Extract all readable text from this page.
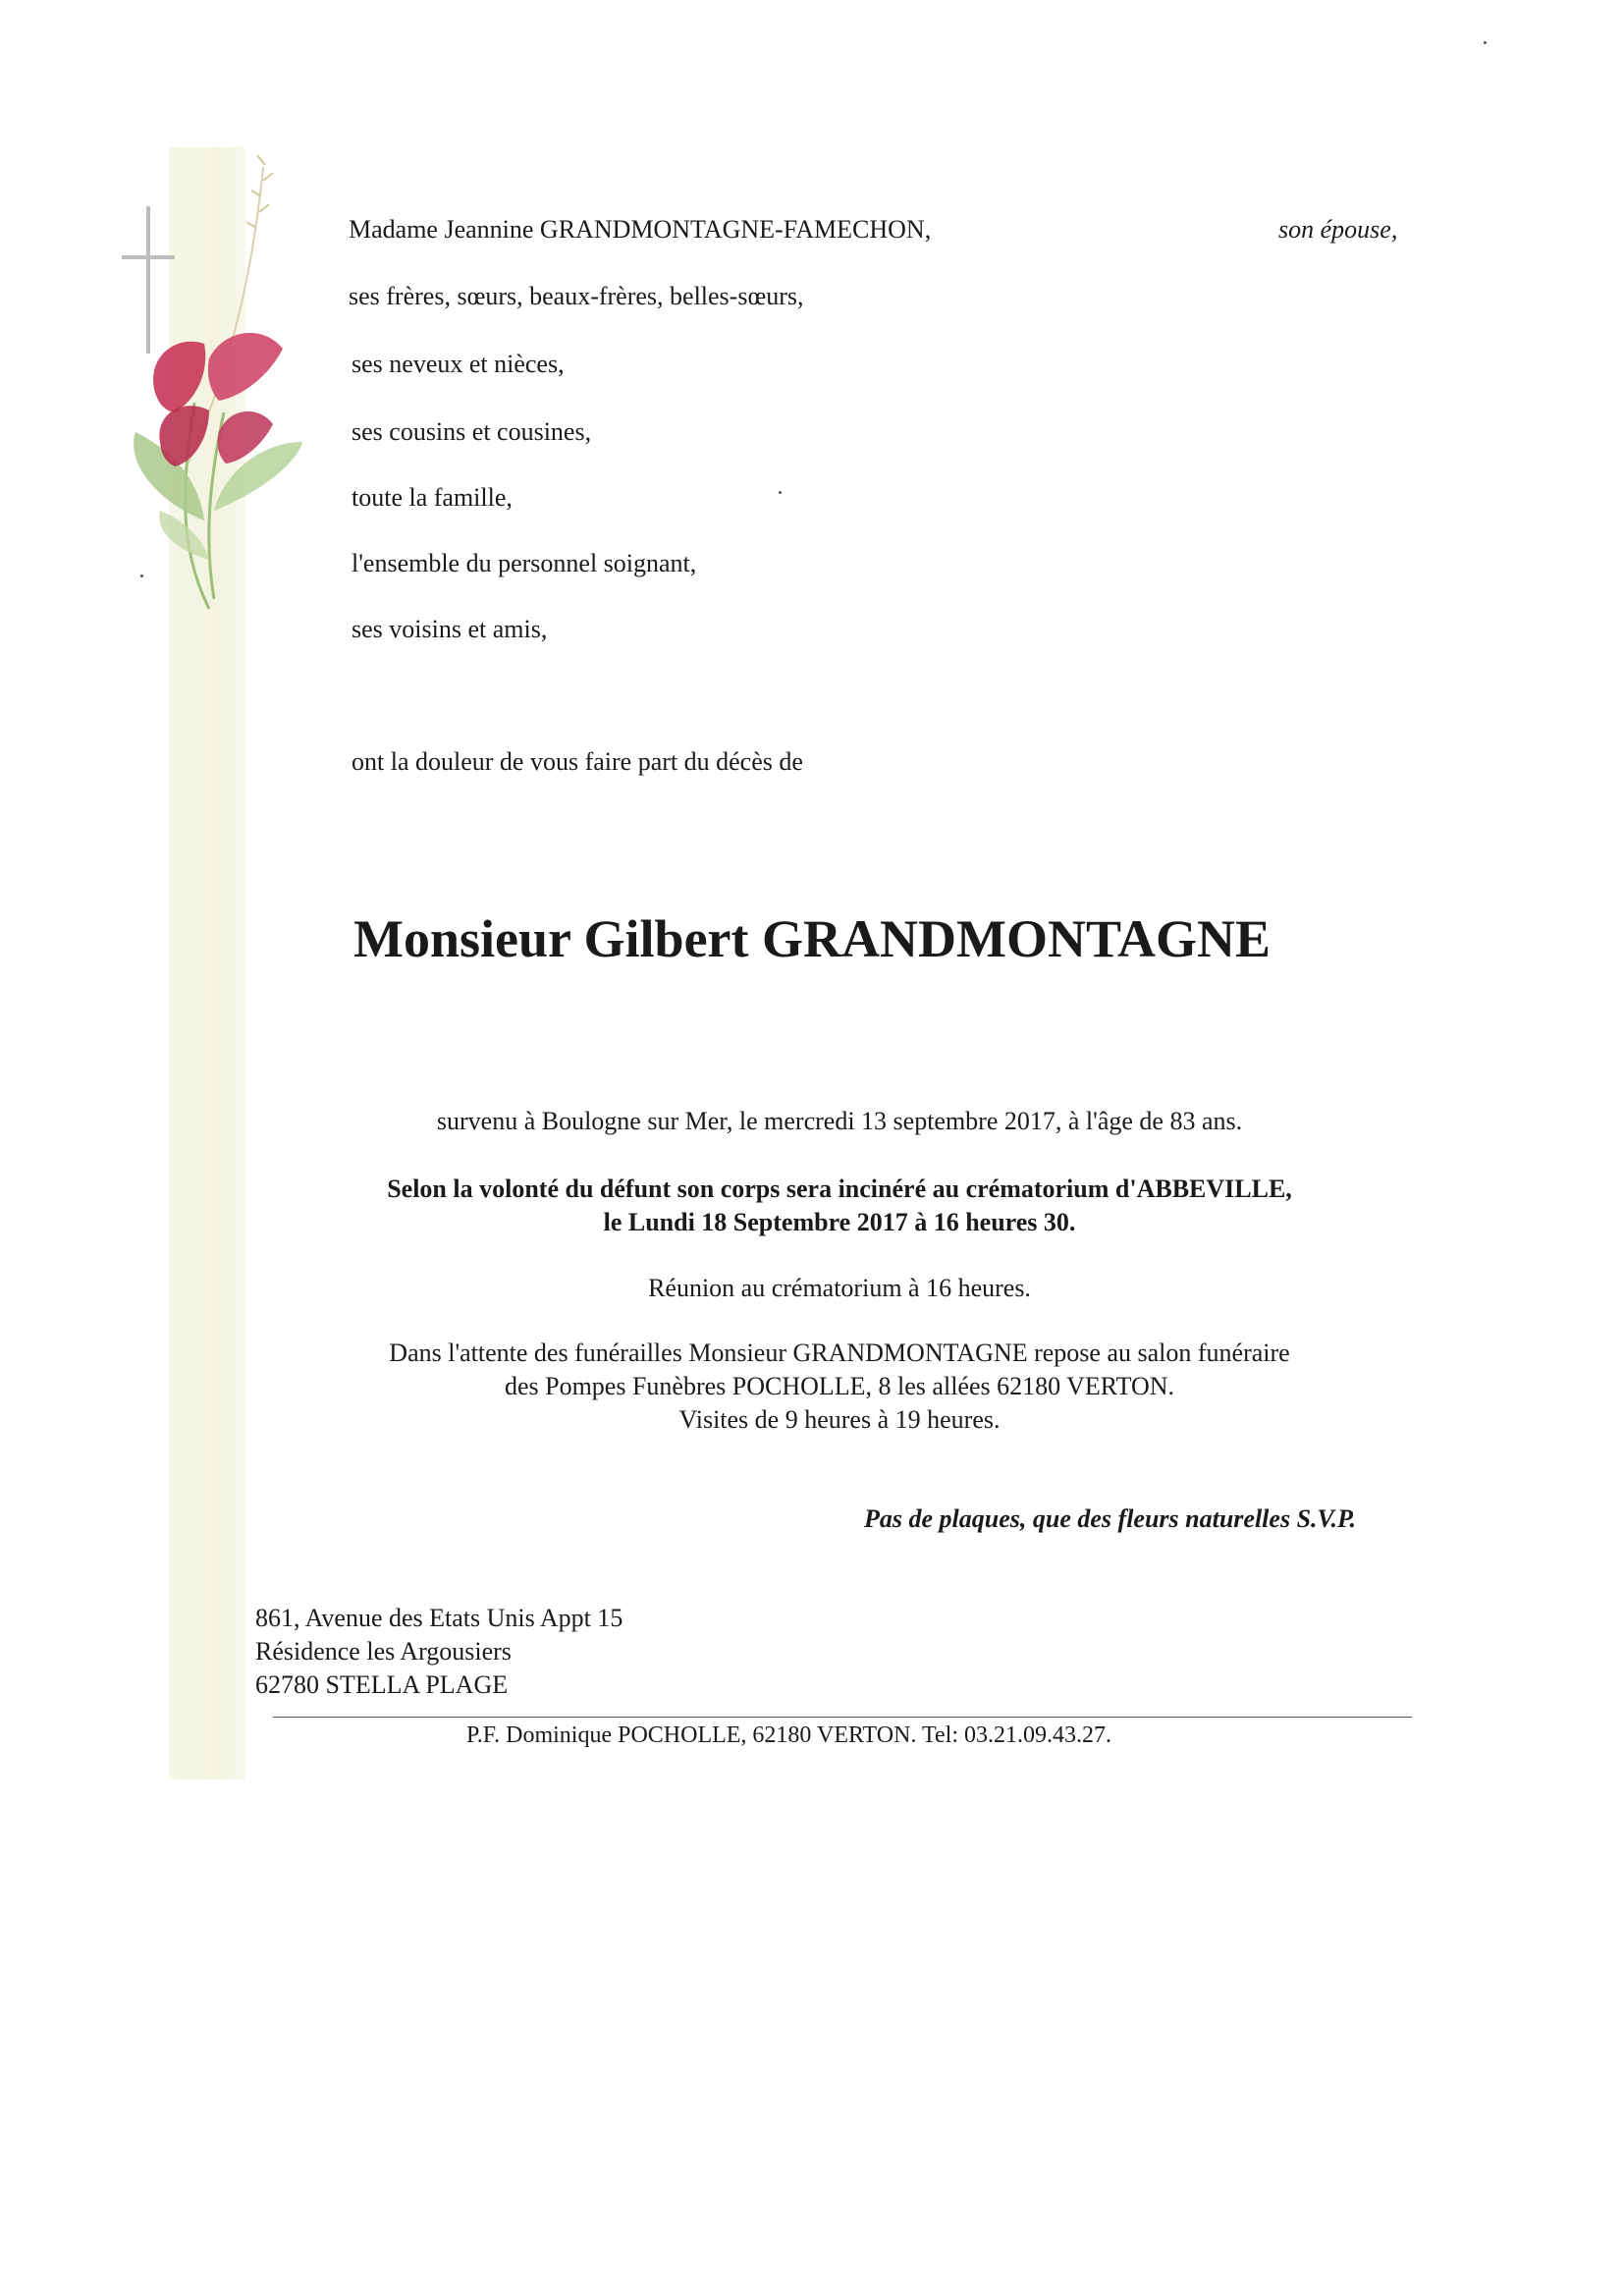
Madame Jeannine GRANDMONTAGNE-FAMECHON,	son épouse,
ses frères, sœurs, beaux-frères, belles-sœurs,
ses neveux et nièces,
ses cousins et cousines,
toute la famille,
l'ensemble du personnel soignant,
ses voisins et amis,
ont la douleur de vous faire part du décès de
Monsieur Gilbert GRANDMONTAGNE
survenu à Boulogne sur Mer, le mercredi 13 septembre 2017, à l'âge de 83 ans.
Selon la volonté du défunt son corps sera incinéré au crématorium d'ABBEVILLE,
le Lundi 18 Septembre 2017 à 16 heures 30.
Réunion au crématorium à 16 heures.
Dans l'attente des funérailles Monsieur GRANDMONTAGNE repose au salon funéraire
des Pompes Funèbres POCHOLLE, 8 les allées 62180 VERTON.
Visites de 9 heures à 19 heures.
Pas de plaques, que des fleurs naturelles S.V.P.
861, Avenue des Etats Unis Appt 15
Résidence les Argousiers
62780 STELLA PLAGE
P.F. Dominique POCHOLLE, 62180 VERTON. Tel: 03.21.09.43.27.
